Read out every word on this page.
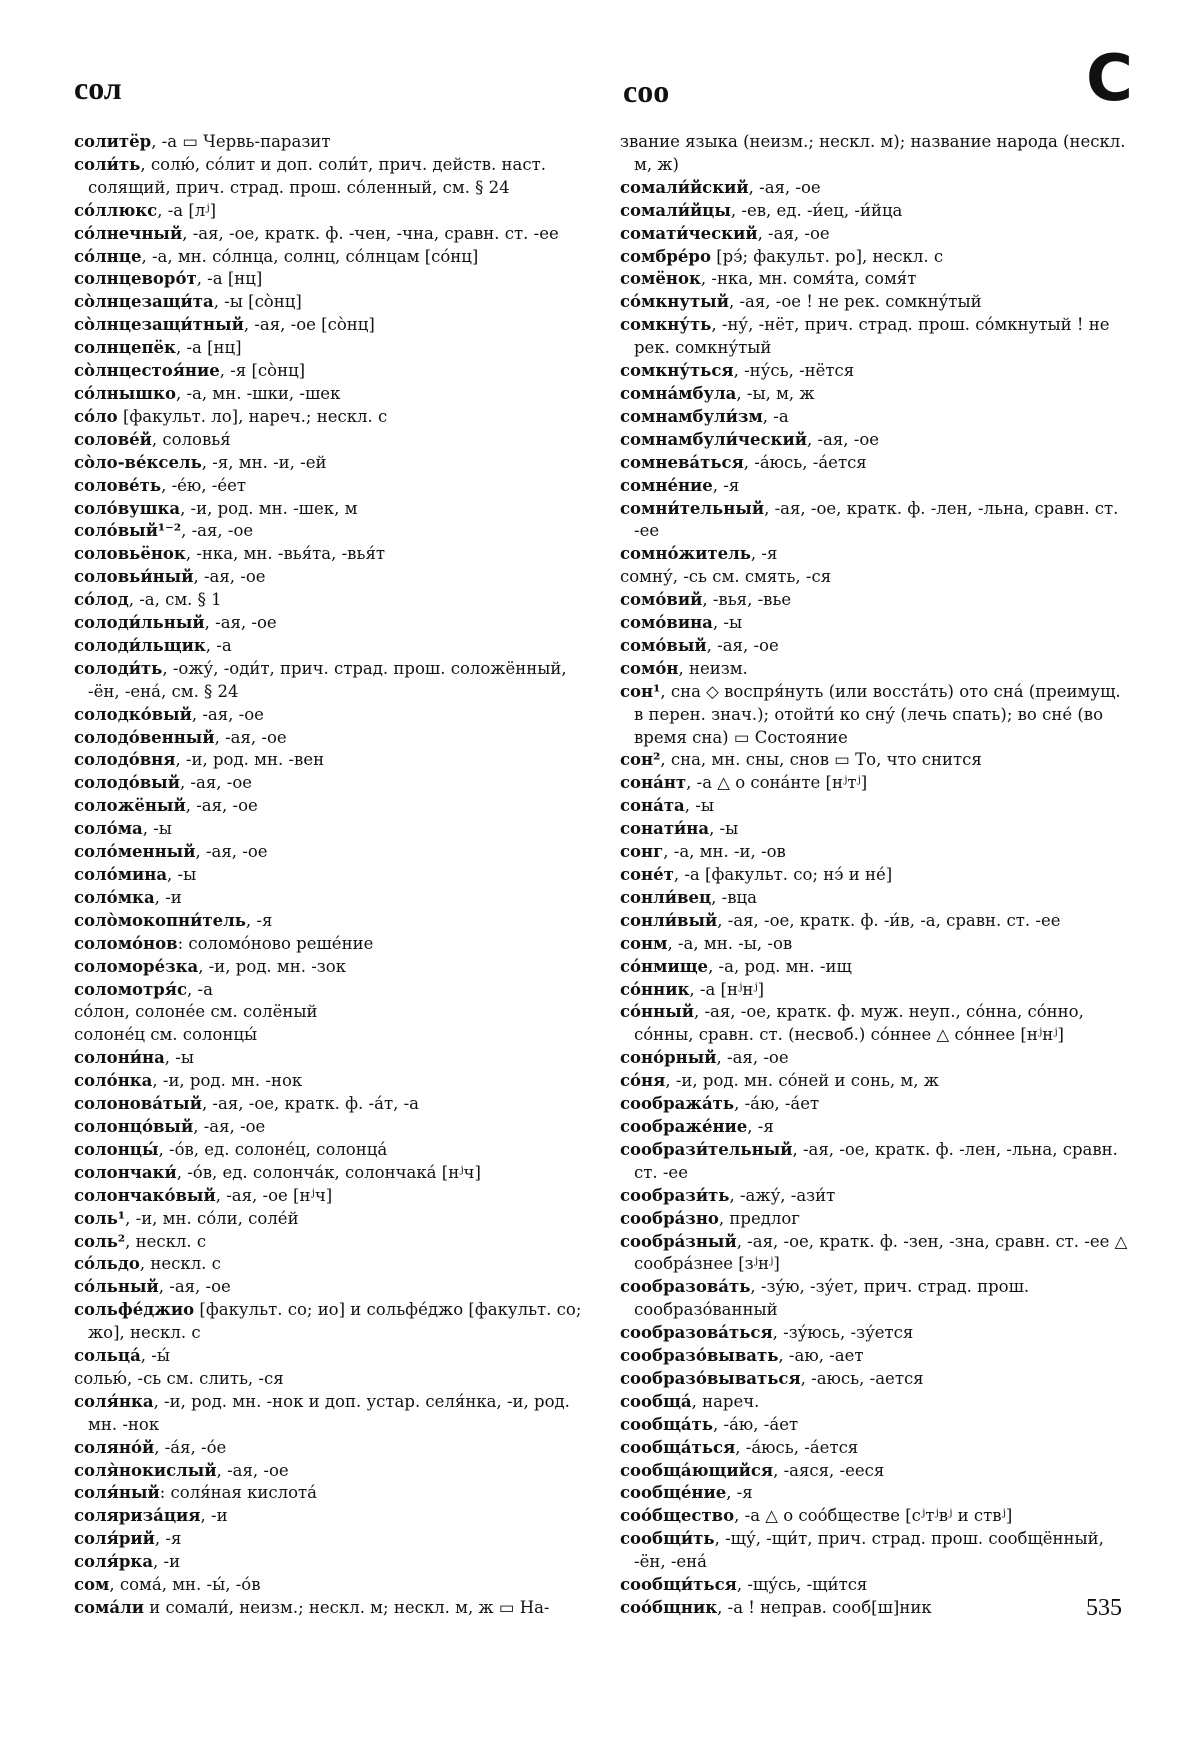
сол	соо	С

солитёр, -а ▭ Червь-паразит

соли́ть, солю́, со́лит и доп. соли́т, прич. действ. наст. солящий, прич. страд. прош. со́ленный, см. § 24

со́ллюкс, -а [лʲ]

со́лнечный, -ая, -ое, кратк. ф. -чен, -чна, сравн. ст. -ее

со́лнце, -а, мн. со́лнца, солнц, со́лнцам [со́нц]

солнцеворо́т, -а [нц]

со̀лнцезащи́та, -ы [со̀нц]

со̀лнцезащи́тный, -ая, -ое [со̀нц]

солнцепёк, -а [нц]

со̀лнцестоя́ние, -я [со̀нц]

со́лнышко, -а, мн. -шки, -шек

со́ло [факульт. ло], нареч.; нескл. с

солове́й, соловья́

со̀ло-ве́ксель, -я, мн. -и, -ей

солове́ть, -е́ю, -е́ет

соло́вушка, -и, род. мн. -шек, м

соло́вый¹⁻², -ая, -ое

соловьёнок, -нка, мн. -вья́та, -вья́т

соловьи́ный, -ая, -ое

со́лод, -а, см. § 1

солоди́льный, -ая, -ое

солоди́льщик, -а

солоди́ть, -ожу́, -оди́т, прич. страд. прош. соложённый, -ён, -ена́, см. § 24

солодко́вый, -ая, -ое

солодо́венный, -ая, -ое

солодо́вня, -и, род. мн. -вен

солодо́вый, -ая, -ое

соложёный, -ая, -ое

соло́ма, -ы

соло́менный, -ая, -ое

соло́мина, -ы

соло́мка, -и

соло̀мокопни́тель, -я

соломо́нов: соломо́ново реше́ние

соломоре́зка, -и, род. мн. -зок

соломотря́с, -а

со́лон, солоне́е см. солёный

солоне́ц см. солонцы́

солони́на, -ы

соло́нка, -и, род. мн. -нок

солонова́тый, -ая, -ое, кратк. ф. -а́т, -а

солонцо́вый, -ая, -ое

солонцы́, -о́в, ед. солоне́ц, солонца́

солончаки́, -о́в, ед. солонча́к, солончака́ [нʲч]

солончако́вый, -ая, -ое [нʲч]

соль¹, -и, мн. со́ли, соле́й

соль², нескл. с

со́льдо, нескл. с

со́льный, -ая, -ое

сольфе́джио [факульт. со; ио] и сольфе́джо [факульт. со; жо], нескл. с

сольца́, -ы́

солью́, -сь см. слить, -ся

соля́нка, -и, род. мн. -нок и доп. устар. селя́нка, -и, род. мн. -нок

соляно́й, -а́я, -о́е

соля̀нокислый, -ая, -ое

соля́ный: соля́ная кислота́

соляриза́ция, -и

соля́рий, -я

соля́рка, -и

сом, сома́, мн. -ы́, -о́в

сома́ли и сомали́, неизм.; нескл. м; нескл. м, ж ▭ На-

звание языка (неизм.; нескл. м); название народа (нескл. м, ж)

сомали́йский, -ая, -ое

сомали́йцы, -ев, ед. -и́ец, -и́йца

сомати́ческий, -ая, -ое

сомбре́ро [рэ́; факульт. ро], нескл. с

сомёнок, -нка, мн. сомя́та, сомя́т

со́мкнутый, -ая, -ое ! не рек. сомкну́тый

сомкну́ть, -ну́, -нёт, прич. страд. прош. со́мкнутый ! не рек. сомкну́тый

сомкну́ться, -ну́сь, -нётся

сомна́мбула, -ы, м, ж

сомнамбули́зм, -а

сомнамбули́ческий, -ая, -ое

сомнева́ться, -а́юсь, -а́ется

сомне́ние, -я

сомни́тельный, -ая, -ое, кратк. ф. -лен, -льна, сравн. ст. -ее

сомно́житель, -я

сомну́, -сь см. смять, -ся

сомо́вий, -вья, -вье

сомо́вина, -ы

сомо́вый, -ая, -ое

сомо́н, неизм.

сон¹, сна ◇ воспря́нуть (или восста́ть) ото сна́ (преимущ. в перен. знач.); отойти́ ко сну́ (лечь спать); во сне́ (во время сна) ▭ Состояние

сон², сна, мн. сны, снов ▭ То, что снится

сона́нт, -а △ о сона́нте [нʲтʲ]

сона́та, -ы

сонати́на, -ы

сонг, -а, мн. -и, -ов

соне́т, -а [факульт. со; нэ́ и не́]

сонли́вец, -вца

сонли́вый, -ая, -ое, кратк. ф. -и́в, -а, сравн. ст. -ее

сонм, -а, мн. -ы, -ов

со́нмище, -а, род. мн. -ищ

со́нник, -а [нʲнʲ]

со́нный, -ая, -ое, кратк. ф. муж. неуп., со́нна, со́нно, со́нны, сравн. ст. (несвоб.) со́ннее △ со́ннее [нʲнʲ]

соно́рный, -ая, -ое

со́ня, -и, род. мн. со́ней и сонь, м, ж

сообража́ть, -а́ю, -а́ет

соображе́ние, -я

сообрази́тельный, -ая, -ое, кратк. ф. -лен, -льна, сравн. ст. -ее

сообрази́ть, -ажу́, -ази́т

сообра́зно, предлог

сообра́зный, -ая, -ое, кратк. ф. -зен, -зна, сравн. ст. -ее △ сообра́знее [зʲнʲ]

сообразова́ть, -зу́ю, -зу́ет, прич. страд. прош. сообразо́ванный

сообразова́ться, -зу́юсь, -зу́ется

сообразо́вывать, -аю, -ает

сообразо́вываться, -аюсь, -ается

сообща́, нареч.

сообща́ть, -а́ю, -а́ет

сообща́ться, -а́юсь, -а́ется

сообща́ющийся, -аяся, -ееся

сообще́ние, -я

соо́бщество, -а △ о соо́бществе [сʲтʲвʲ и ствʲ]

сообщи́ть, -щу́, -щи́т, прич. страд. прош. сообщённый, -ён, -ена́

сообщи́ться, -щу́сь, -щи́тся

соо́бщник, -а ! неправ. сооб[ш]ник	535
